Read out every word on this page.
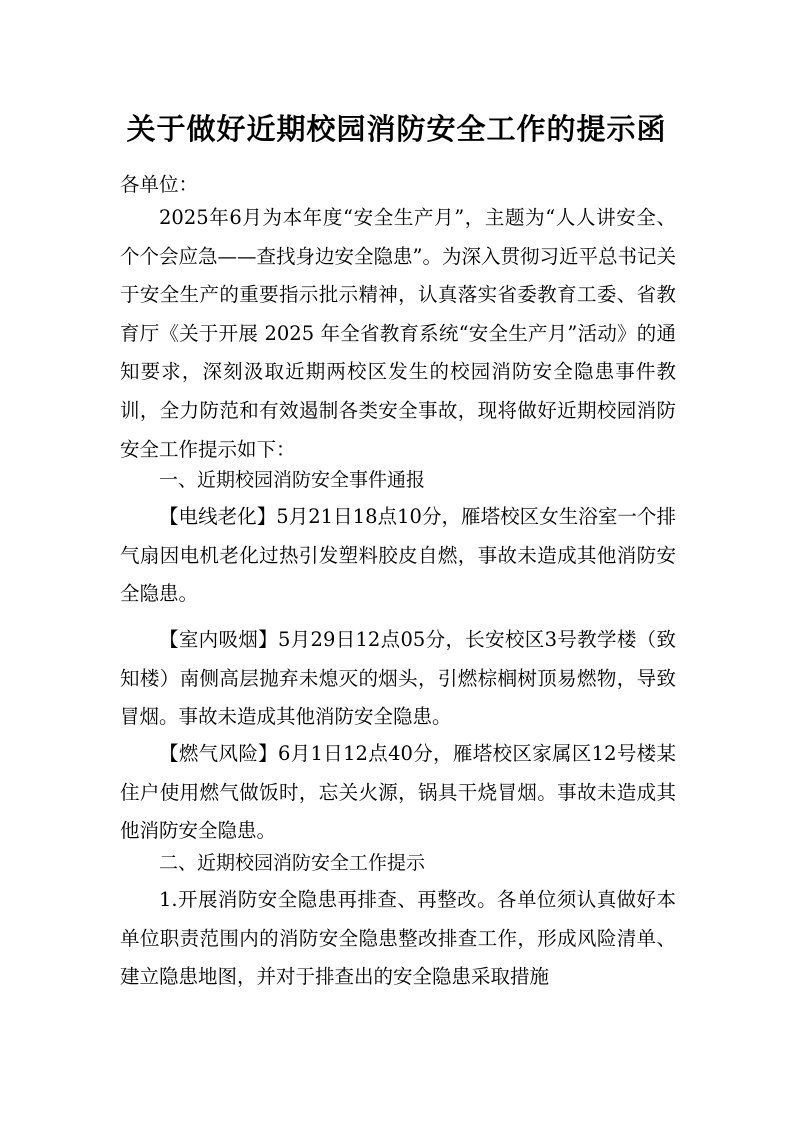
关于做好近期校园消防安全工作的提示函

各单位：

2025年6月为本年度“安全生产月”，主题为“人人讲安全、个个会应急——查找身边安全隐患”。为深入贯彻习近平总书记关于安全生产的重要指示批示精神，认真落实省委教育工委、省教育厅《关于开展 2025 年全省教育系统“安全生产月”活动》的通知要求，深刻汲取近期两校区发生的校园消防安全隐患事件教训，全力防范和有效遏制各类安全事故，现将做好近期校园消防安全工作提示如下：

一、近期校园消防安全事件通报

【电线老化】5月21日18点10分，雁塔校区女生浴室一个排气扇因电机老化过热引发塑料胶皮自燃，事故未造成其他消防安全隐患。

【室内吸烟】5月29日12点05分，长安校区3号教学楼（致知楼）南侧高层抛弃未熄灭的烟头，引燃棕榈树顶易燃物，导致冒烟。事故未造成其他消防安全隐患。

【燃气风险】6月1日12点40分，雁塔校区家属区12号楼某住户使用燃气做饭时，忘关火源，锅具干烧冒烟。事故未造成其他消防安全隐患。

二、近期校园消防安全工作提示

1.开展消防安全隐患再排查、再整改。各单位须认真做好本单位职责范围内的消防安全隐患整改排查工作，形成风险清单、建立隐患地图，并对于排查出的安全隐患采取措施
